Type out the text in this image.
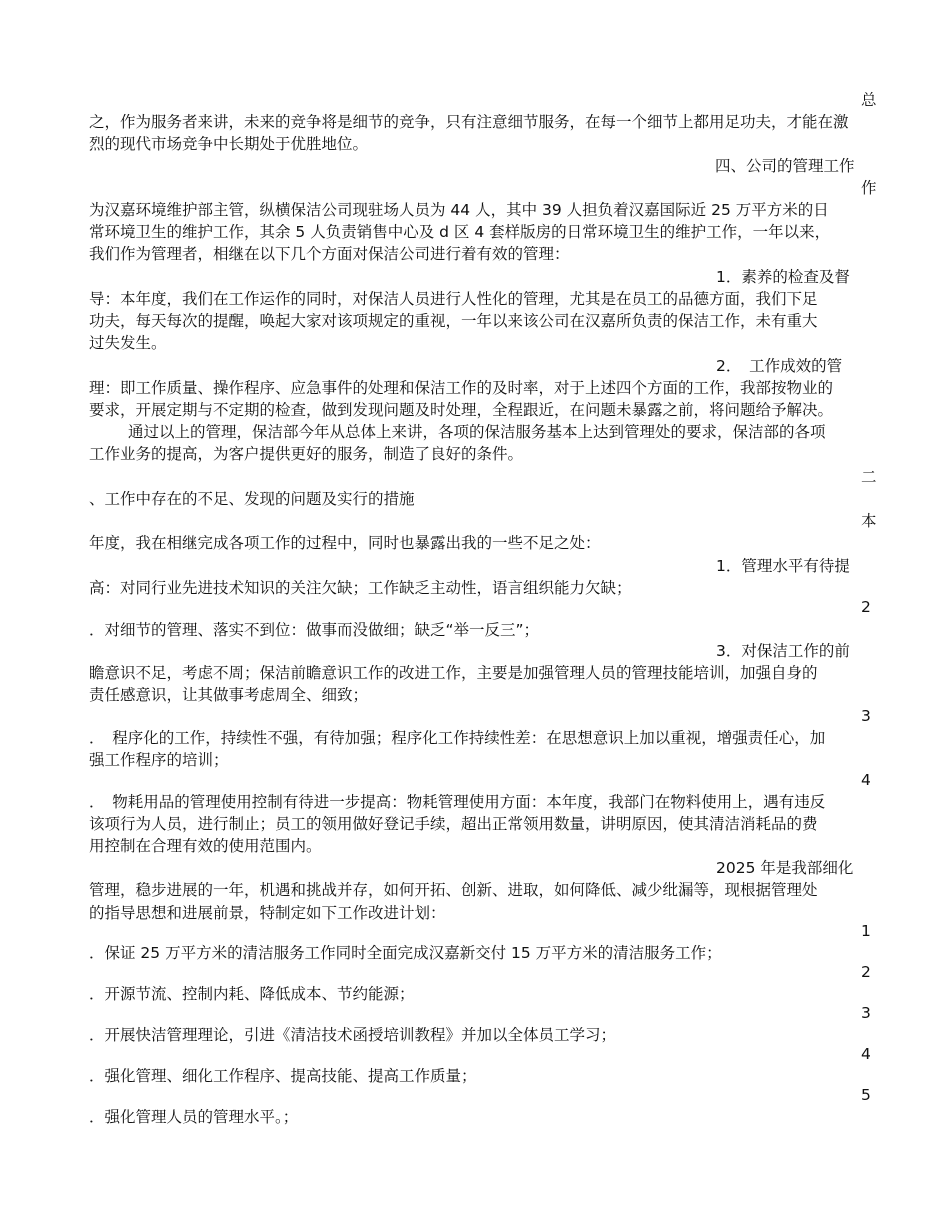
总
之，作为服务者来讲，未来的竞争将是细节的竞争，只有注意细节服务，在每一个细节上都用足功夫，才能在激
烈的现代市场竞争中长期处于优胜地位。
四、公司的管理工作
作
为汉嘉环境维护部主管，纵横保洁公司现驻场人员为 44 人，其中 39 人担负着汉嘉国际近 25 万平方米的日
常环境卫生的维护工作，其余 5 人负责销售中心及 d 区 4 套样版房的日常环境卫生的维护工作，一年以来，
我们作为管理者，相继在以下几个方面对保洁公司进行着有效的管理：
1．素养的检查及督
导：本年度，我们在工作运作的同时，对保洁人员进行人性化的管理，尤其是在员工的品德方面，我们下足
功夫，每天每次的提醒，唤起大家对该项规定的重视，一年以来该公司在汉嘉所负责的保洁工作，未有重大
过失发生。
2．　工作成效的管
理：即工作质量、操作程序、应急事件的处理和保洁工作的及时率，对于上述四个方面的工作，我部按物业的
要求，开展定期与不定期的检查，做到发现问题及时处理，全程跟近，在问题未暴露之前，将问题给予解决。
通过以上的管理，保洁部今年从总体上来讲，各项的保洁服务基本上达到管理处的要求，保洁部的各项
工作业务的提高，为客户提供更好的服务，制造了良好的条件。
二
、工作中存在的不足、发现的问题及实行的措施
本
年度，我在相继完成各项工作的过程中，同时也暴露出我的一些不足之处：
1．管理水平有待提
高：对同行业先进技术知识的关注欠缺；工作缺乏主动性，语言组织能力欠缺；
2
．对细节的管理、落实不到位：做事而没做细；缺乏“举一反三”；
3．对保洁工作的前
瞻意识不足，考虑不周；保洁前瞻意识工作的改进工作，主要是加强管理人员的管理技能培训，加强自身的
责任感意识，让其做事考虑周全、细致；
3
．　程序化的工作，持续性不强，有待加强；程序化工作持续性差：在思想意识上加以重视，增强责任心，加
强工作程序的培训；
4
．　物耗用品的管理使用控制有待进一步提高：物耗管理使用方面：本年度，我部门在物料使用上，遇有违反
该项行为人员，进行制止；员工的领用做好登记手续，超出正常领用数量，讲明原因，使其清洁消耗品的费
用控制在合理有效的使用范围内。
2025 年是我部细化
管理，稳步进展的一年，机遇和挑战并存，如何开拓、创新、进取，如何降低、减少纰漏等，现根据管理处
的指导思想和进展前景，特制定如下工作改进计划：
1
．保证 25 万平方米的清洁服务工作同时全面完成汉嘉新交付 15 万平方米的清洁服务工作；
2
．开源节流、控制内耗、降低成本、节约能源；
3
．开展快洁管理理论，引进《清洁技术函授培训教程》并加以全体员工学习；
4
．强化管理、细化工作程序、提高技能、提高工作质量；
5
．强化管理人员的管理水平。；
